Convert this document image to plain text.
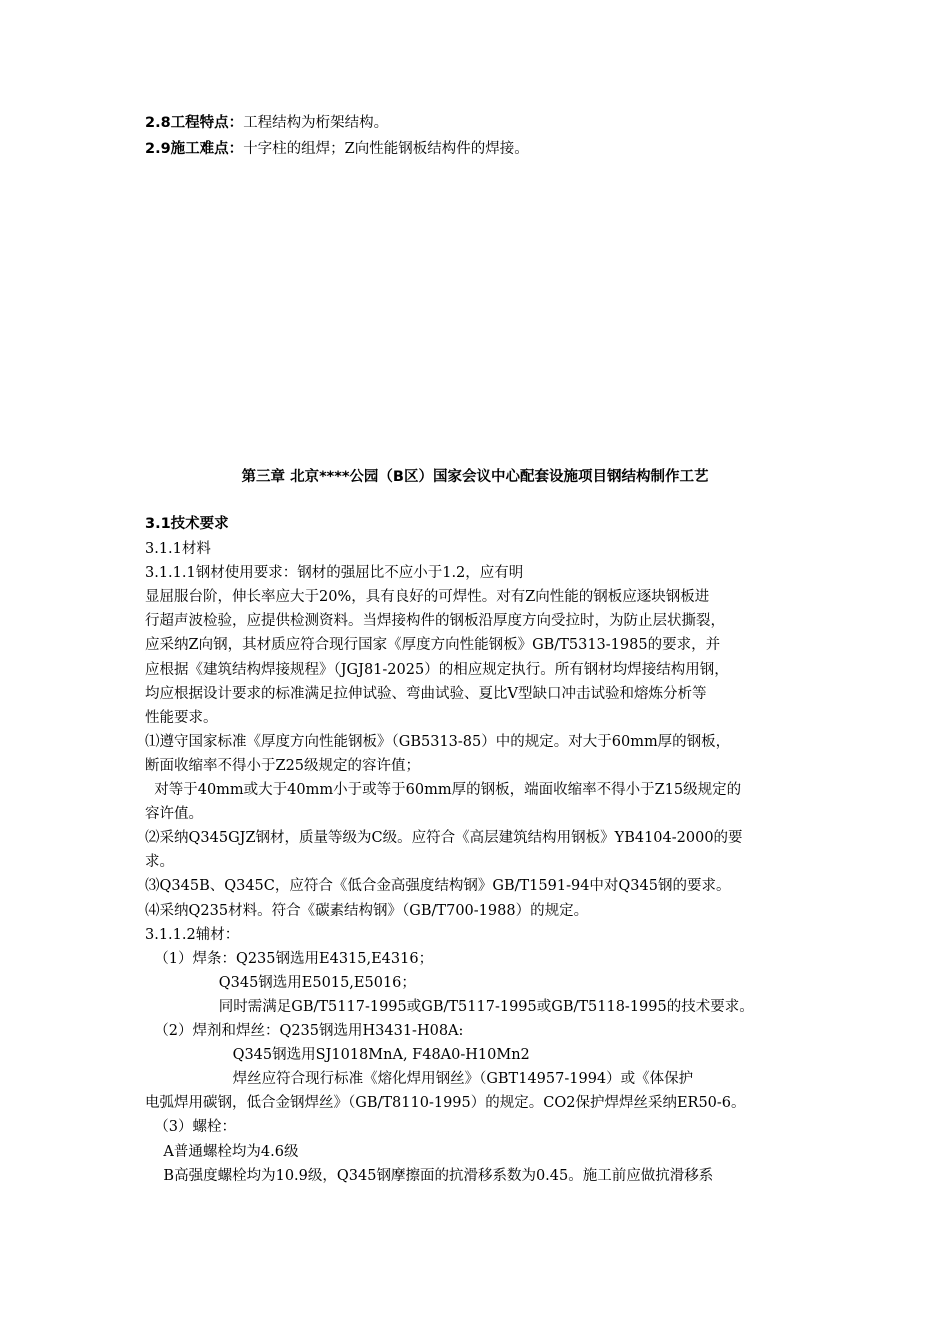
2.8工程特点：工程结构为桁架结构。
2.9施工难点：十字柱的组焊；Z向性能钢板结构件的焊接。
第三章 北京****公园（B区）国家会议中心配套设施项目钢结构制作工艺
3.1技术要求
3.1.1材料
3.1.1.1钢材使用要求：钢材的强屈比不应小于1.2，应有明
显屈服台阶，伸长率应大于20%，具有良好的可焊性。对有Z向性能的钢板应逐块钢板进
行超声波检验，应提供检测资料。当焊接构件的钢板沿厚度方向受拉时，为防止层状撕裂，
应采纳Z向钢，其材质应符合现行国家《厚度方向性能钢板》GB/T5313-1985的要求，并
应根据《建筑结构焊接规程》（JGJ81-2025）的相应规定执行。所有钢材均焊接结构用钢，
均应根据设计要求的标准满足拉伸试验、弯曲试验、夏比V型缺口冲击试验和熔炼分析等
性能要求。
⑴遵守国家标准《厚度方向性能钢板》（GB5313-85）中的规定。对大于60mm厚的钢板，
断面收缩率不得小于Z25级规定的容许值；
对等于40mm或大于40mm小于或等于60mm厚的钢板，端面收缩率不得小于Z15级规定的
容许值。
⑵采纳Q345GJZ钢材，质量等级为C级。应符合《高层建筑结构用钢板》YB4104-2000的要
求。
⑶Q345B、Q345C，应符合《低合金高强度结构钢》GB/T1591-94中对Q345钢的要求。
⑷采纳Q235材料。符合《碳素结构钢》（GB/T700-1988）的规定。
3.1.1.2辅材：
（1）焊条：Q235钢选用E4315,E4316；
Q345钢选用E5015,E5016；
同时需满足GB/T5117-1995或GB/T5117-1995或GB/T5118-1995的技术要求。
（2）焊剂和焊丝：Q235钢选用H3431-H08A:
Q345钢选用SJ1018MnA, F48A0-H10Mn2
焊丝应符合现行标准《熔化焊用钢丝》（GBT14957-1994）或《体保护
电弧焊用碳钢，低合金钢焊丝》（GB/T8110-1995）的规定。CO2保护焊焊丝采纳ER50-6。
（3）螺栓：
A普通螺栓均为4.6级
B高强度螺栓均为10.9级，Q345钢摩擦面的抗滑移系数为0.45。施工前应做抗滑移系
